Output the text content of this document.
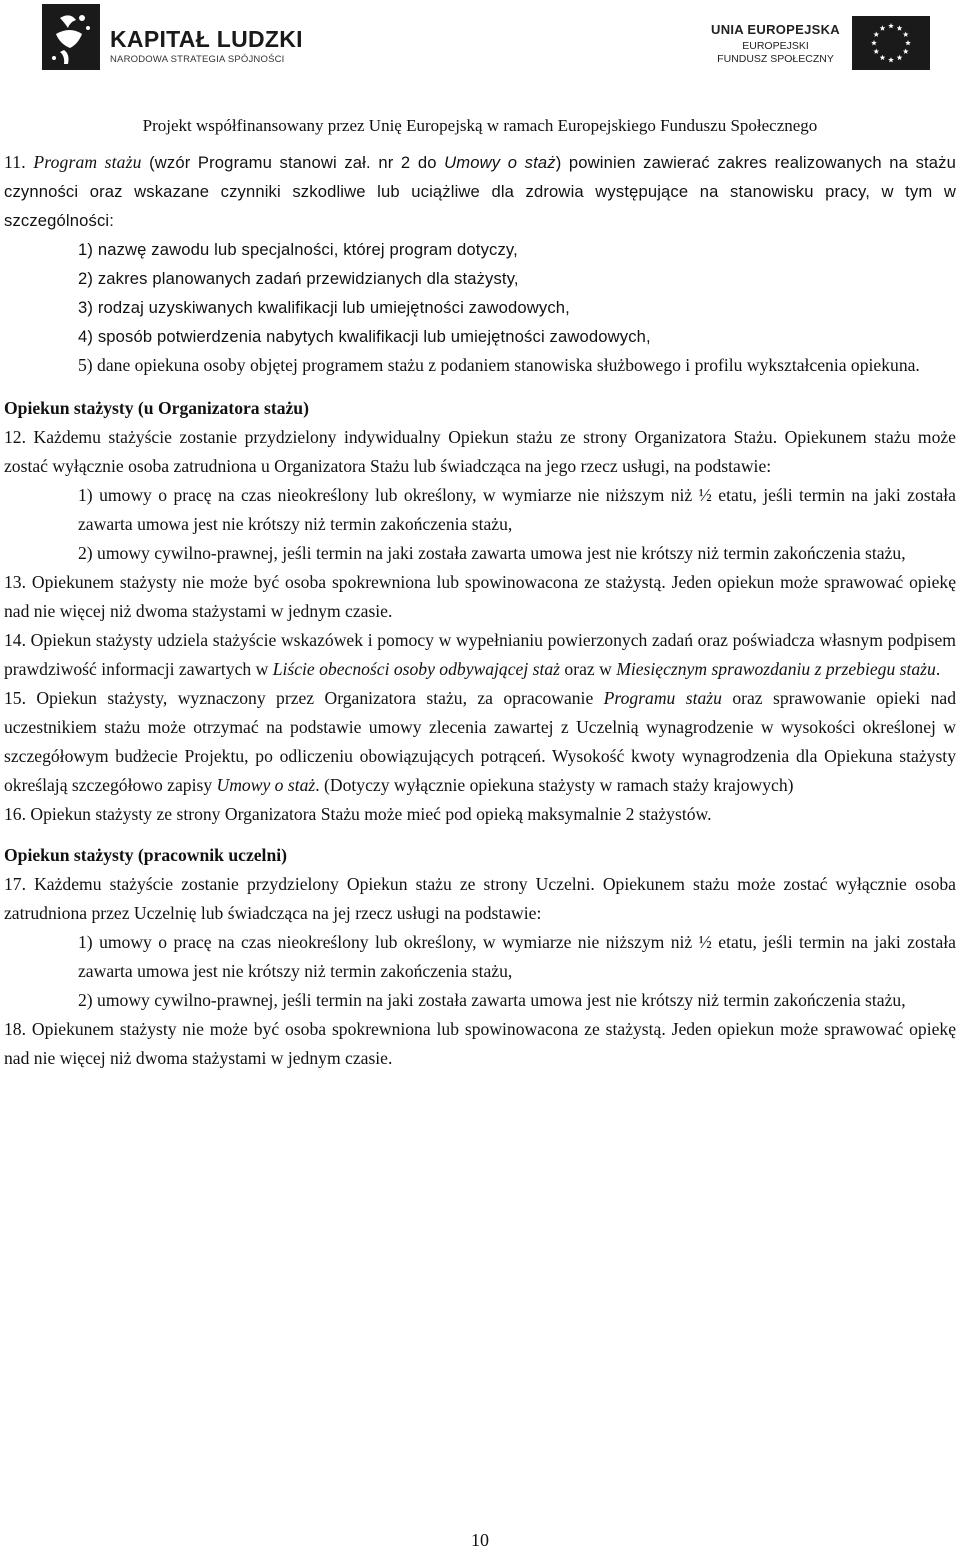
KAPITAŁ LUDZKI
NARODOWA STRATEGIA SPÓJNOŚCI
UNIA EUROPEJSKA
EUROPEJSKI
FUNDUSZ SPOŁECZNY
Projekt współfinansowany przez Unię Europejską w ramach Europejskiego Funduszu Społecznego

11. Program stażu (wzór Programu stanowi zał. nr 2 do Umowy o staż) powinien zawierać zakres realizowanych na stażu czynności oraz wskazane czynniki szkodliwe lub uciążliwe dla zdrowia występujące na stanowisku pracy, w tym w szczególności:

1) nazwę zawodu lub specjalności, której program dotyczy,

2) zakres planowanych zadań przewidzianych dla stażysty,

3) rodzaj uzyskiwanych kwalifikacji lub umiejętności zawodowych,

4) sposób potwierdzenia nabytych kwalifikacji lub umiejętności zawodowych,

5) dane opiekuna osoby objętej programem stażu z podaniem stanowiska służbowego i profilu wykształcenia opiekuna.

Opiekun stażysty (u Organizatora stażu)

12. Każdemu stażyście zostanie przydzielony indywidualny Opiekun stażu ze strony Organizatora Stażu. Opiekunem stażu może zostać wyłącznie osoba zatrudniona u Organizatora Stażu lub świadcząca na jego rzecz usługi, na podstawie:

1) umowy o pracę na czas nieokreślony lub określony, w wymiarze nie niższym niż ½ etatu, jeśli termin na jaki została zawarta umowa jest nie krótszy niż termin zakończenia stażu,

2) umowy cywilno-prawnej, jeśli termin na jaki została zawarta umowa jest nie krótszy niż termin zakończenia stażu,

13. Opiekunem stażysty nie może być osoba spokrewniona lub spowinowacona ze stażystą. Jeden opiekun może sprawować opiekę nad nie więcej niż dwoma stażystami w jednym czasie.

14. Opiekun stażysty udziela stażyście wskazówek i pomocy w wypełnianiu powierzonych zadań oraz poświadcza własnym podpisem prawdziwość informacji zawartych w Liście obecności osoby odbywającej staż oraz w Miesięcznym sprawozdaniu z przebiegu stażu.

15. Opiekun stażysty, wyznaczony przez Organizatora stażu, za opracowanie Programu stażu oraz sprawowanie opieki nad uczestnikiem stażu może otrzymać na podstawie umowy zlecenia zawartej z Uczelnią wynagrodzenie w wysokości określonej w szczegółowym budżecie Projektu, po odliczeniu obowiązujących potrąceń. Wysokość kwoty wynagrodzenia dla Opiekuna stażysty określają szczegółowo zapisy Umowy o staż. (Dotyczy wyłącznie opiekuna stażysty w ramach staży krajowych)

16. Opiekun stażysty ze strony Organizatora Stażu może mieć pod opieką maksymalnie 2 stażystów.

Opiekun stażysty (pracownik uczelni)

17. Każdemu stażyście zostanie przydzielony Opiekun stażu ze strony Uczelni. Opiekunem stażu może zostać wyłącznie osoba zatrudniona przez Uczelnię lub świadcząca na jej rzecz usługi na podstawie:

1) umowy o pracę na czas nieokreślony lub określony, w wymiarze nie niższym niż ½ etatu, jeśli termin na jaki została zawarta umowa jest nie krótszy niż termin zakończenia stażu,

2) umowy cywilno-prawnej, jeśli termin na jaki została zawarta umowa jest nie krótszy niż termin zakończenia stażu,

18. Opiekunem stażysty nie może być osoba spokrewniona lub spowinowacona ze stażystą. Jeden opiekun może sprawować opiekę nad nie więcej niż dwoma stażystami w jednym czasie.

10
